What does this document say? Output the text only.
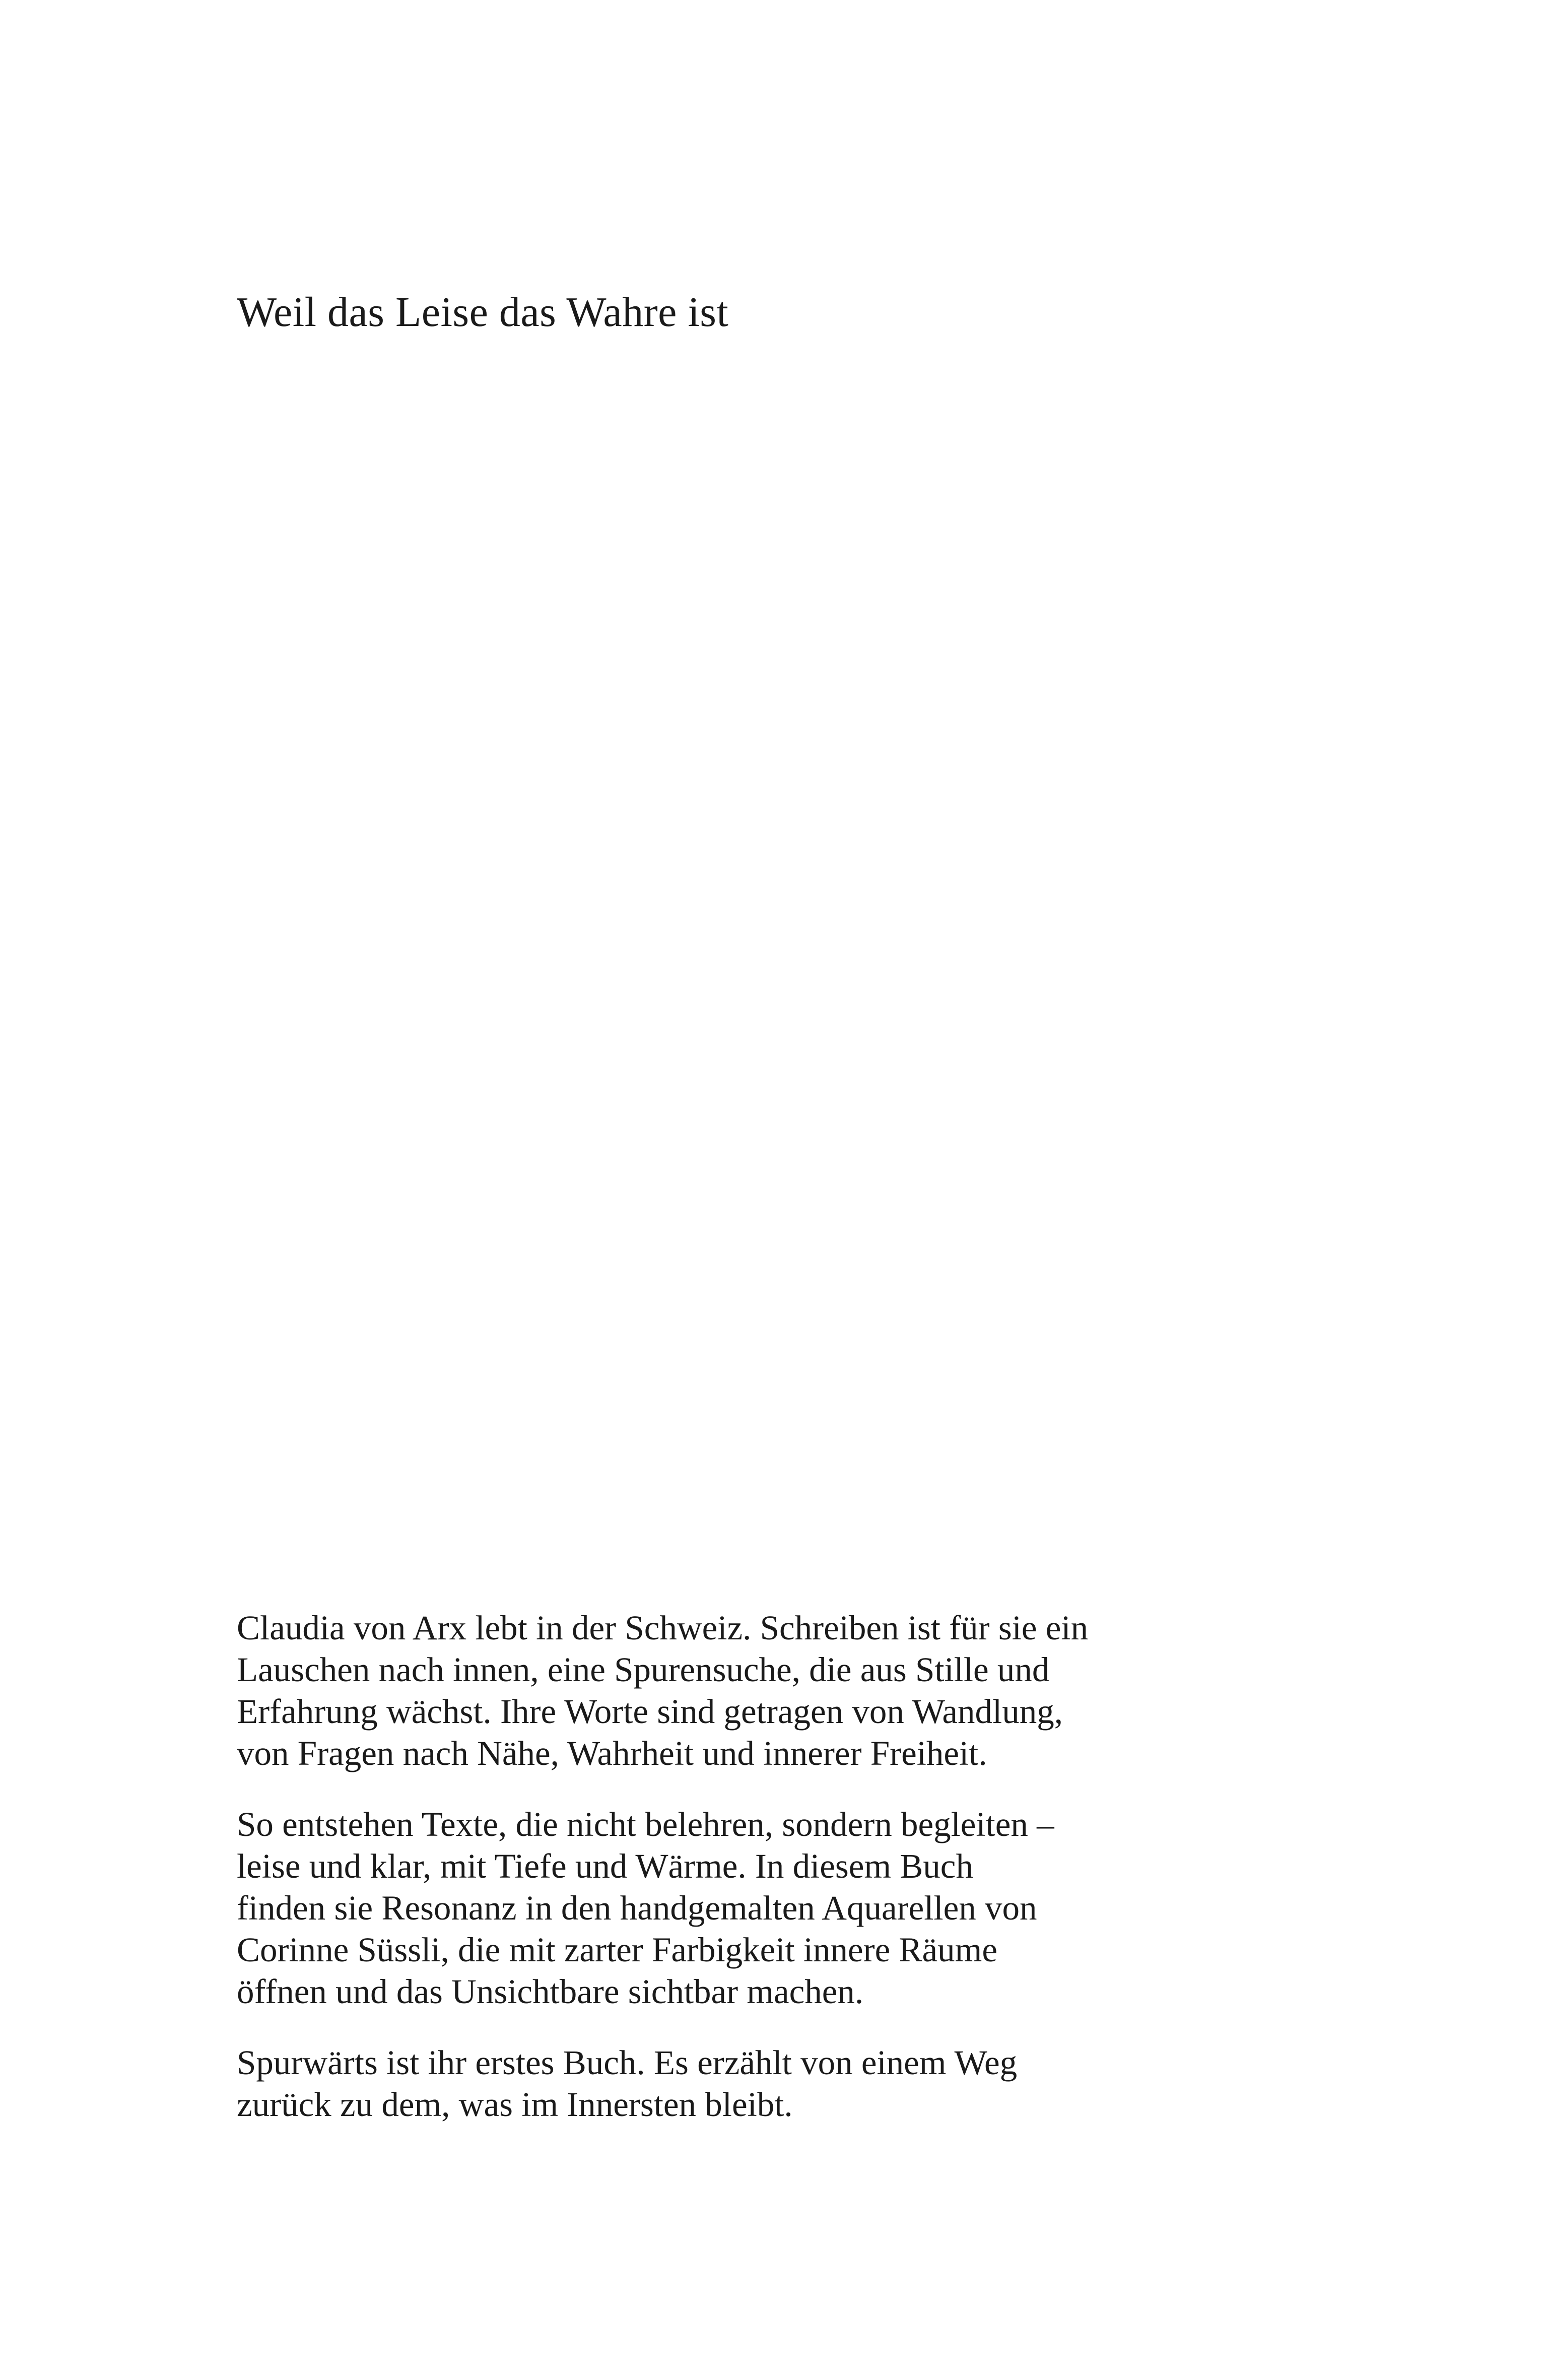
Weil das Leise das Wahre ist

Claudia von Arx lebt in der Schweiz. Schreiben ist für sie ein
Lauschen nach innen, eine Spurensuche, die aus Stille und
Erfahrung wächst. Ihre Worte sind getragen von Wandlung,
von Fragen nach Nähe, Wahrheit und innerer Freiheit.

So entstehen Texte, die nicht belehren, sondern begleiten –
leise und klar, mit Tiefe und Wärme. In diesem Buch
finden sie Resonanz in den handgemalten Aquarellen von
Corinne Süssli, die mit zarter Farbigkeit innere Räume
öffnen und das Unsichtbare sichtbar machen.

Spurwärts ist ihr erstes Buch. Es erzählt von einem Weg
zurück zu dem, was im Innersten bleibt.
